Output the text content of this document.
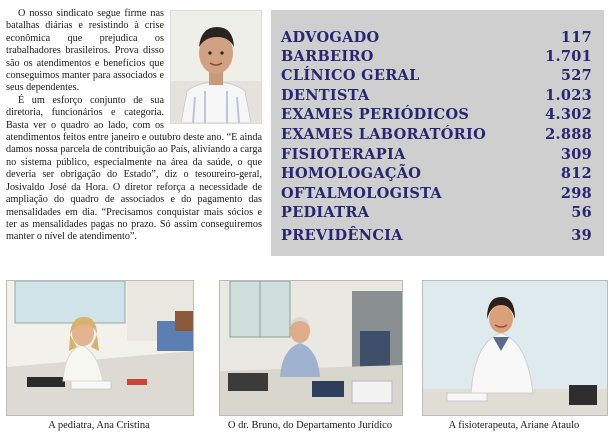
O nosso sindicato segue firme nas batalhas diárias e resistindo à crise econômica que prejudica os trabalhadores brasileiros. Prova disso são os atendimentos e benefícios que conseguimos manter para associados e seus dependentes.

É um esforço conjunto de sua diretoria, funcionários e categoria. Basta ver o quadro ao lado, com os atendimentos feitos entre janeiro e outubro deste ano. “E ainda damos nossa parcela de contribuição ao País, aliviando a carga no sistema público, especialmente na área da saúde, o que deveria ser obrigação do Estado”, diz o tesoureiro-geral, Josivaldo José da Hora. O diretor reforça a necessidade de ampliação do quadro de associados e do pagamento das mensalidades em dia. “Precisamos conquistar mais sócios e ter as mensalidades pagas no prazo. Só assim conseguiremos manter o nível de atendimento”.

ADVOGADO	117
BARBEIRO	1.701
CLÍNICO GERAL	527
DENTISTA	1.023
EXAMES PERIÓDICOS	4.302
EXAMES LABORATÓRIO	2.888
FISIOTERAPIA	309
HOMOLOGAÇÃO	812
OFTALMOLOGISTA	298
PEDIATRA	56
PREVIDÊNCIA	39
A pediatra, Ana Cristina	O dr. Bruno, do Departamento Jurídico	A fisioterapeuta, Ariane Ataulo
